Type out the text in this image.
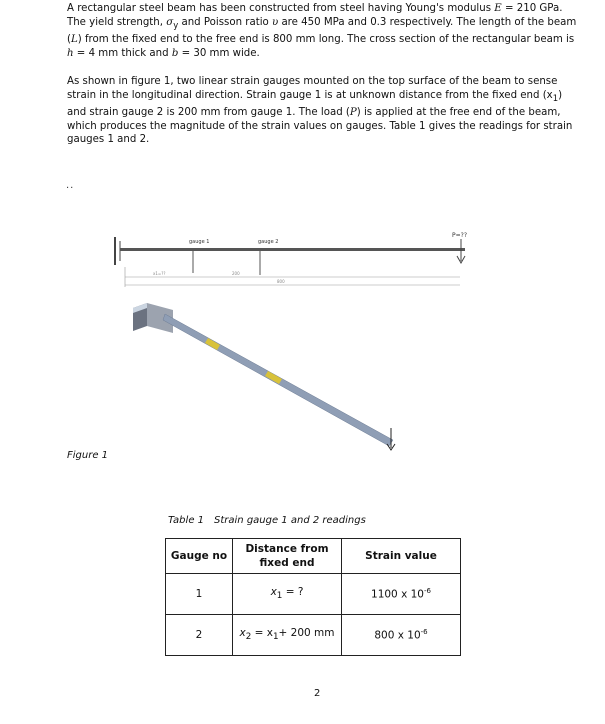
A rectangular steel beam has been constructed from steel having Young's modulus E = 210 GPa. The yield strength, $\sigma_y$ and Poisson ratio υ are 450 MPa and 0.3 respectively. The length of the beam (L) from the fixed end to the free end is 800 mm long. The cross section of the rectangular beam is h = 4 mm thick and b = 30 mm wide.
As shown in figure 1, two linear strain gauges mounted on the top surface of the beam to sense strain in the longitudinal direction. Strain gauge 1 is at unknown distance from the fixed end $(x_1)$ and strain gauge 2 is 200 mm from gauge 1. The load (P) is applied at the free end of the beam, which produces the magnitude of the strain values on gauges. Table 1 gives the readings for strain gauges 1 and 2.
..
gauge 1	gauge 2
P=??
x1=??	200
800
Figure 1
Table 1 Strain gauge 1 and 2 readings
Gauge no	Distance from fixed end	Strain value
1	$x_1$ = ?	1100 x $10^{-6}$
2	$x_2 = x_1+ 200$ mm	800 x $10^{-6}$
2
